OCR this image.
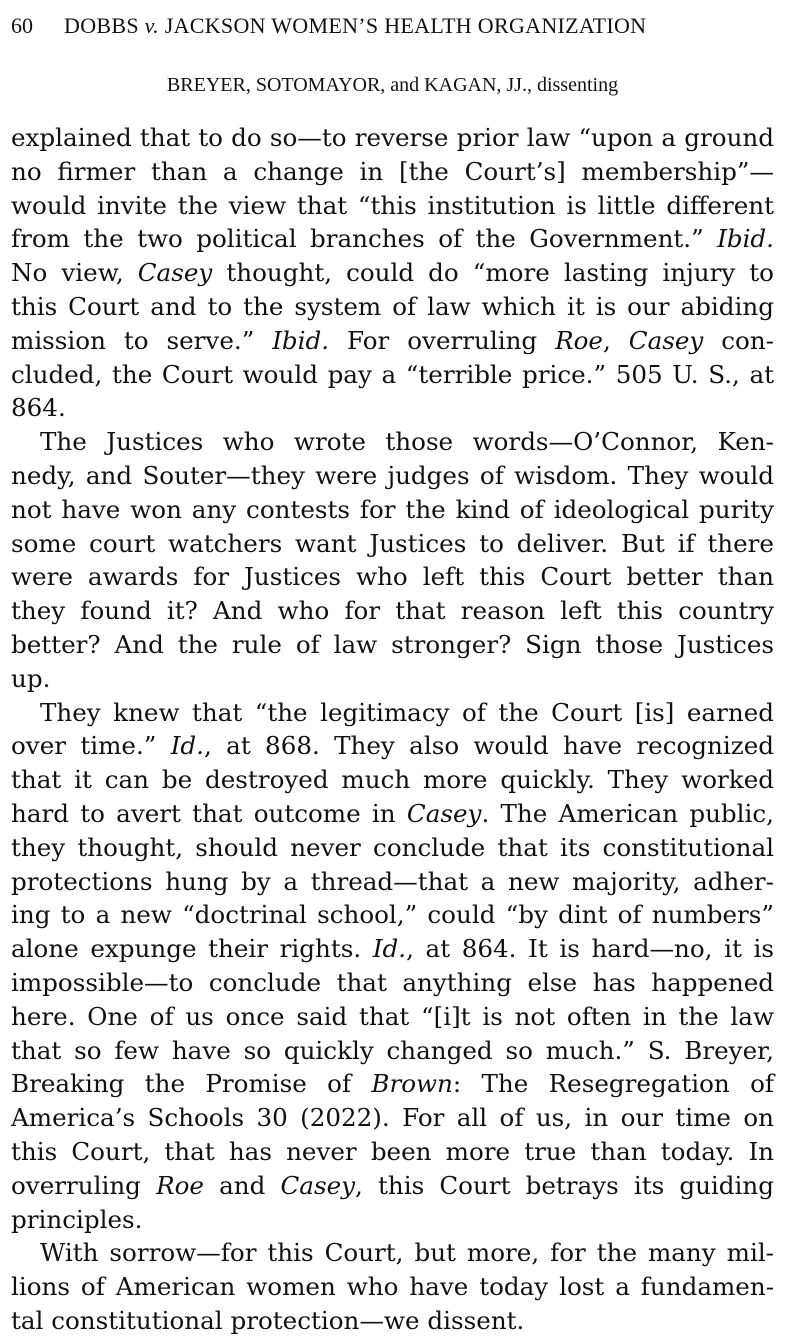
60 DOBBS v. JACKSON WOMEN’S HEALTH ORGANIZATION
BREYER, SOTOMAYOR, and KAGAN, JJ., dissenting
explained that to do so—to reverse prior law “upon a ground
no firmer than a change in [the Court’s] membership”—
would invite the view that “this institution is little different
from the two political branches of the Government.” Ibid.
No view, Casey thought, could do “more lasting injury to
this Court and to the system of law which it is our abiding
mission to serve.” Ibid. For overruling Roe, Casey con-
cluded, the Court would pay a “terrible price.” 505 U. S., at
864.
The Justices who wrote those words—O’Connor, Ken-
nedy, and Souter—they were judges of wisdom. They would
not have won any contests for the kind of ideological purity
some court watchers want Justices to deliver. But if there
were awards for Justices who left this Court better than
they found it? And who for that reason left this country
better? And the rule of law stronger? Sign those Justices
up.
They knew that “the legitimacy of the Court [is] earned
over time.” Id., at 868. They also would have recognized
that it can be destroyed much more quickly. They worked
hard to avert that outcome in Casey. The American public,
they thought, should never conclude that its constitutional
protections hung by a thread—that a new majority, adher-
ing to a new “doctrinal school,” could “by dint of numbers”
alone expunge their rights. Id., at 864. It is hard—no, it is
impossible—to conclude that anything else has happened
here. One of us once said that “[i]t is not often in the law
that so few have so quickly changed so much.” S. Breyer,
Breaking the Promise of Brown: The Resegregation of
America’s Schools 30 (2022). For all of us, in our time on
this Court, that has never been more true than today. In
overruling Roe and Casey, this Court betrays its guiding
principles.
With sorrow—for this Court, but more, for the many mil-
lions of American women who have today lost a fundamen-
tal constitutional protection—we dissent.
